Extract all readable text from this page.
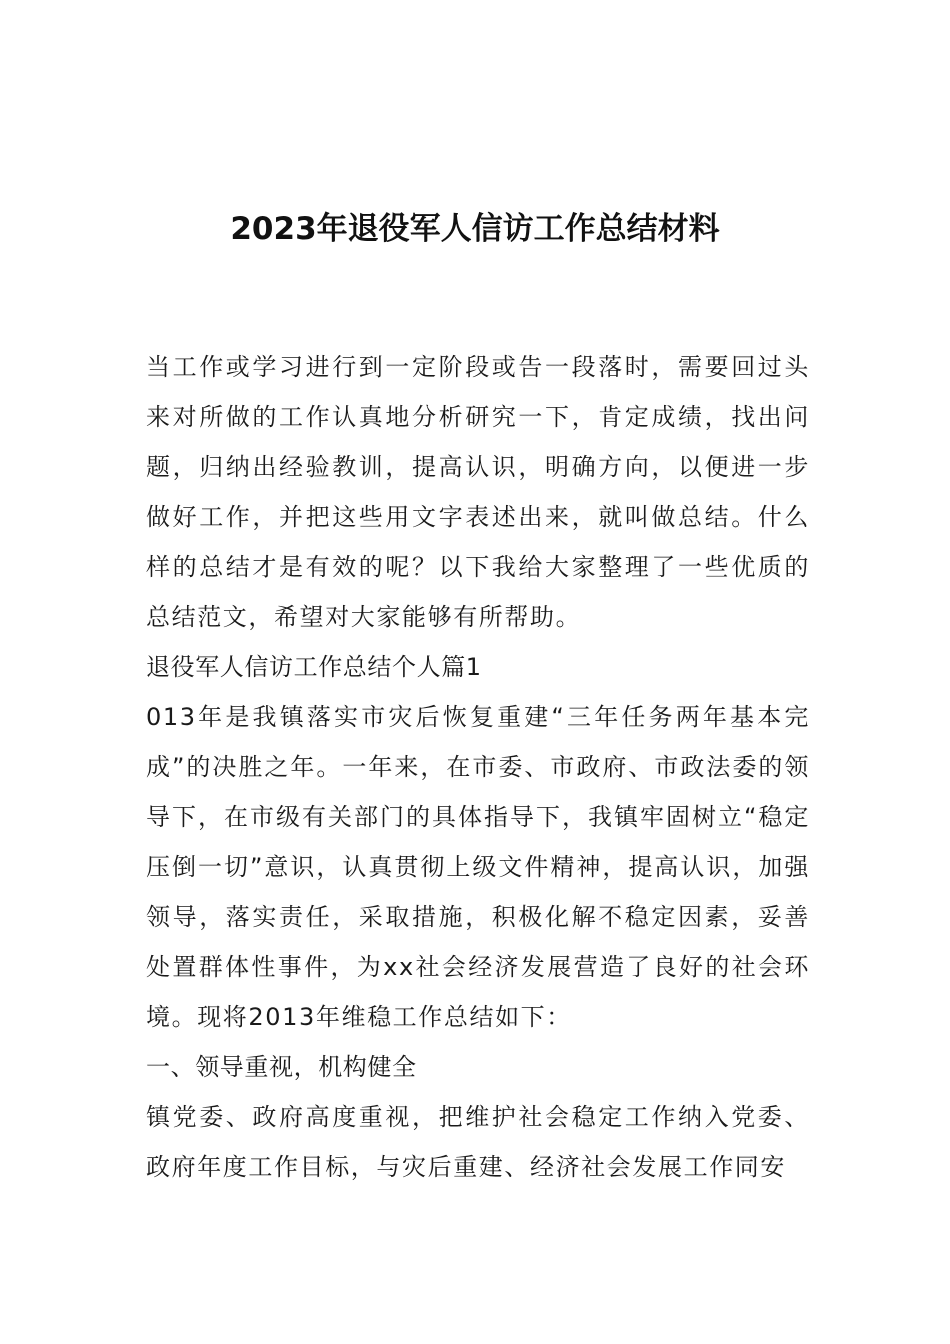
2023年退役军人信访工作总结材料

当工作或学习进行到一定阶段或告一段落时，需要回过头来对所做的工作认真地分析研究一下，肯定成绩，找出问题，归纳出经验教训，提高认识，明确方向，以便进一步做好工作，并把这些用文字表述出来，就叫做总结。什么样的总结才是有效的呢？以下我给大家整理了一些优质的总结范文，希望对大家能够有所帮助。

退役军人信访工作总结个人篇1

013年是我镇落实市灾后恢复重建“三年任务两年基本完成”的决胜之年。一年来，在市委、市政府、市政法委的领导下，在市级有关部门的具体指导下，我镇牢固树立“稳定压倒一切”意识，认真贯彻上级文件精神，提高认识，加强领导，落实责任，采取措施，积极化解不稳定因素，妥善处置群体性事件，为xx社会经济发展营造了良好的社会环境。现将2013年维稳工作总结如下：

一、领导重视，机构健全

镇党委、政府高度重视，把维护社会稳定工作纳入党委、政府年度工作目标，与灾后重建、经济社会发展工作同安
